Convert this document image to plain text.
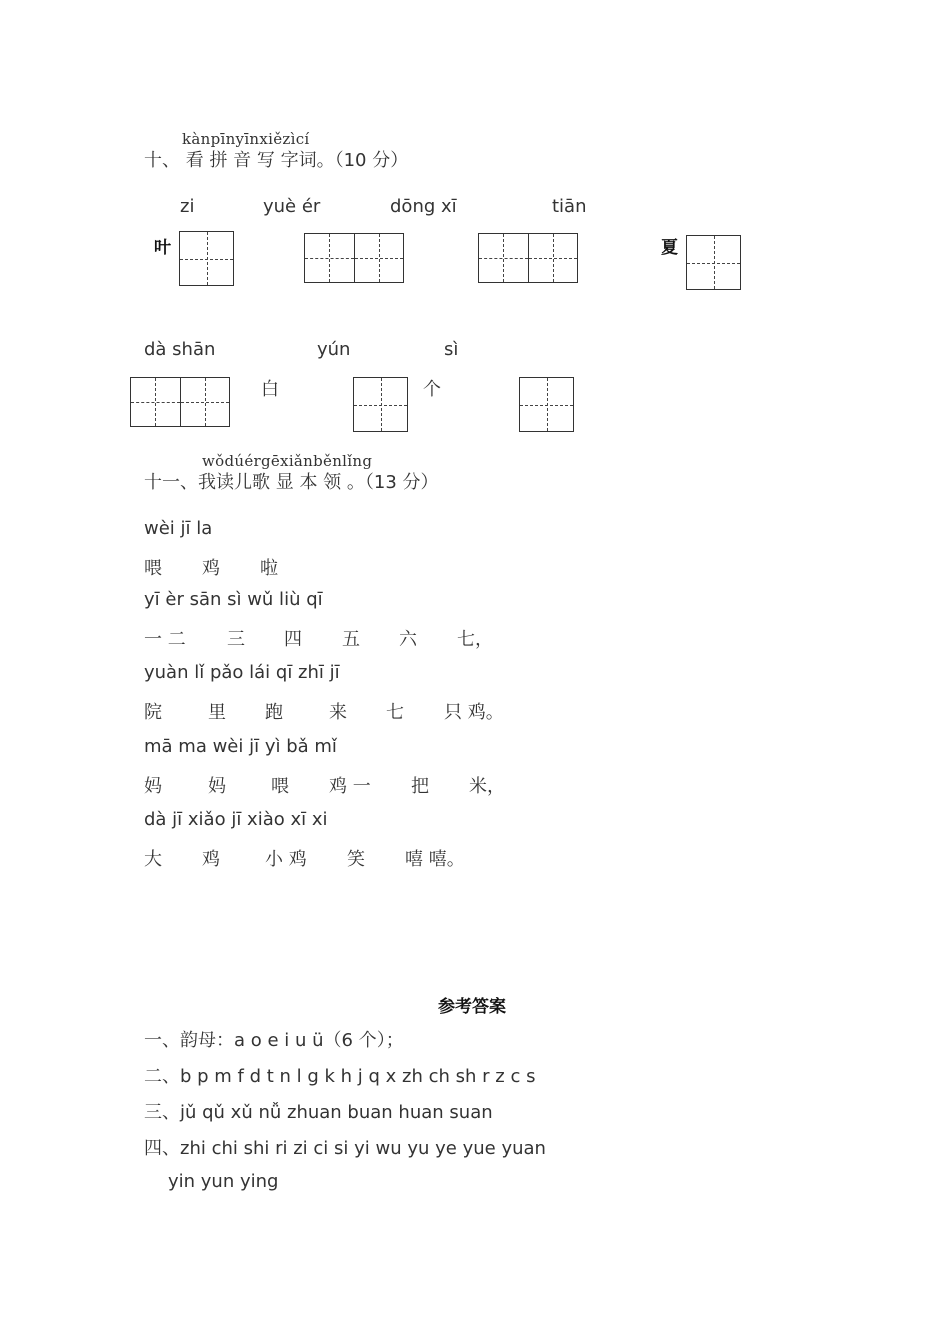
kànpīnyīnxiězìcí
十、 看 拼 音 写 字词。（10 分）
zi	yuè ér	dōng xī	tiān
叶	夏
dà shān	yún	sì
白	个
wǒdúérgēxiǎnběnlǐng
十一、我读儿歌 显 本 领 。（13 分）
wèi jī la
喂 鸡 啦
yī èr sān sì wǔ liù qī
一 二 三 四 五 六 七，
yuàn lǐ pǎo lái qī zhī jī
院	里 跑	来 七 只 鸡。
mā ma wèi jī yì bǎ mǐ
妈	妈	喂 鸡 一 把 米，
dà jī xiǎo jī xiào xī xi
大 鸡	小 鸡 笑 嘻 嘻。
参考答案
一、韵母：a o e i u ü（6 个）；
二、b p m f d t n l g k h j q x zh ch sh r z c s
三、jǔ qǔ xǔ nǚ zhuan buan huan suan
四、zhi chi shi ri zi ci si yi wu yu ye yue yuan
yin yun ying
